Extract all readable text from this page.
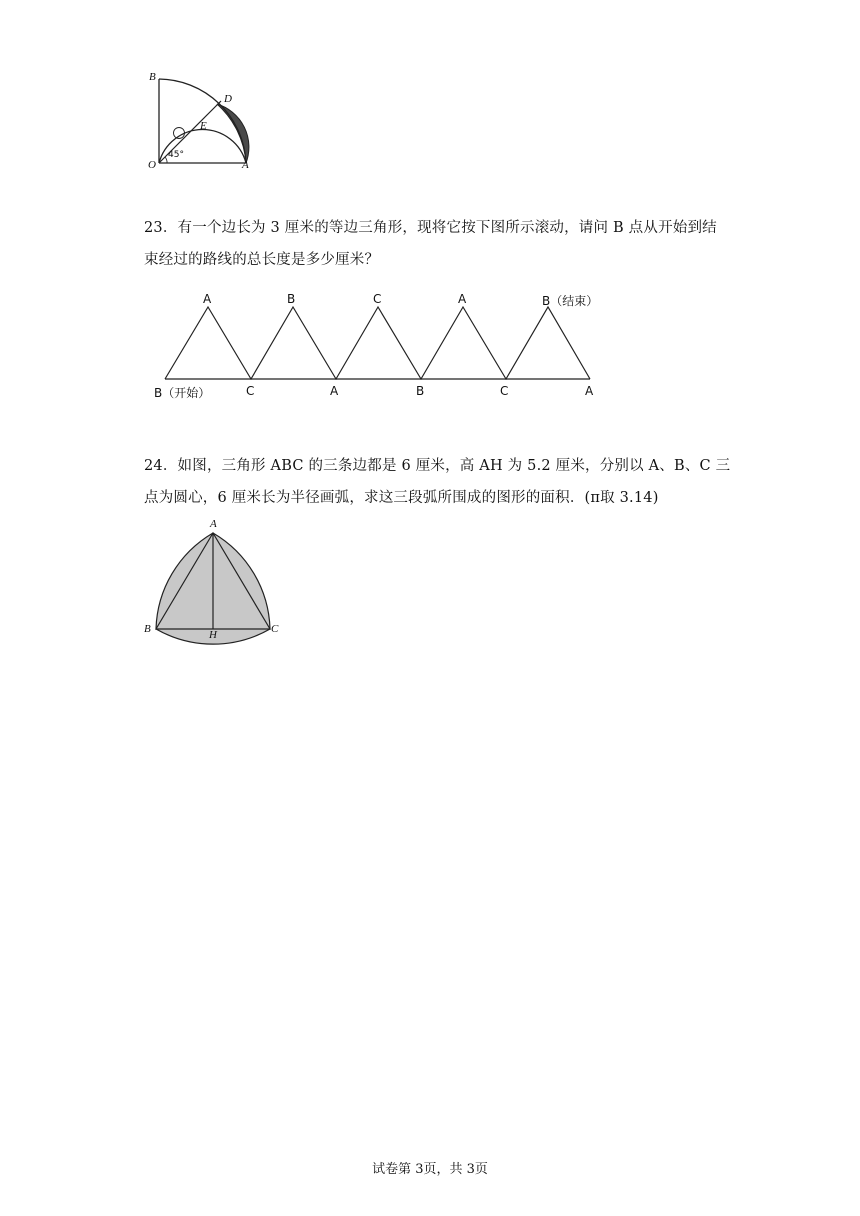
B
D
E
45°
O	A
23．有一个边长为 3 厘米的等边三角形，现将它按下图所示滚动，请问 B 点从开始到结
束经过的路线的总长度是多少厘米？
A	B	C	A	B（结束）
B（开始）	C	A	B	C	A
24．如图，三角形 ABC 的三条边都是 6 厘米，高 AH 为 5.2 厘米，分别以 A、B、C 三
点为圆心，6 厘米长为半径画弧，求这三段弧所围成的图形的面积．(π取 3.14)
A
B	C
H
试卷第 3页，共 3页
